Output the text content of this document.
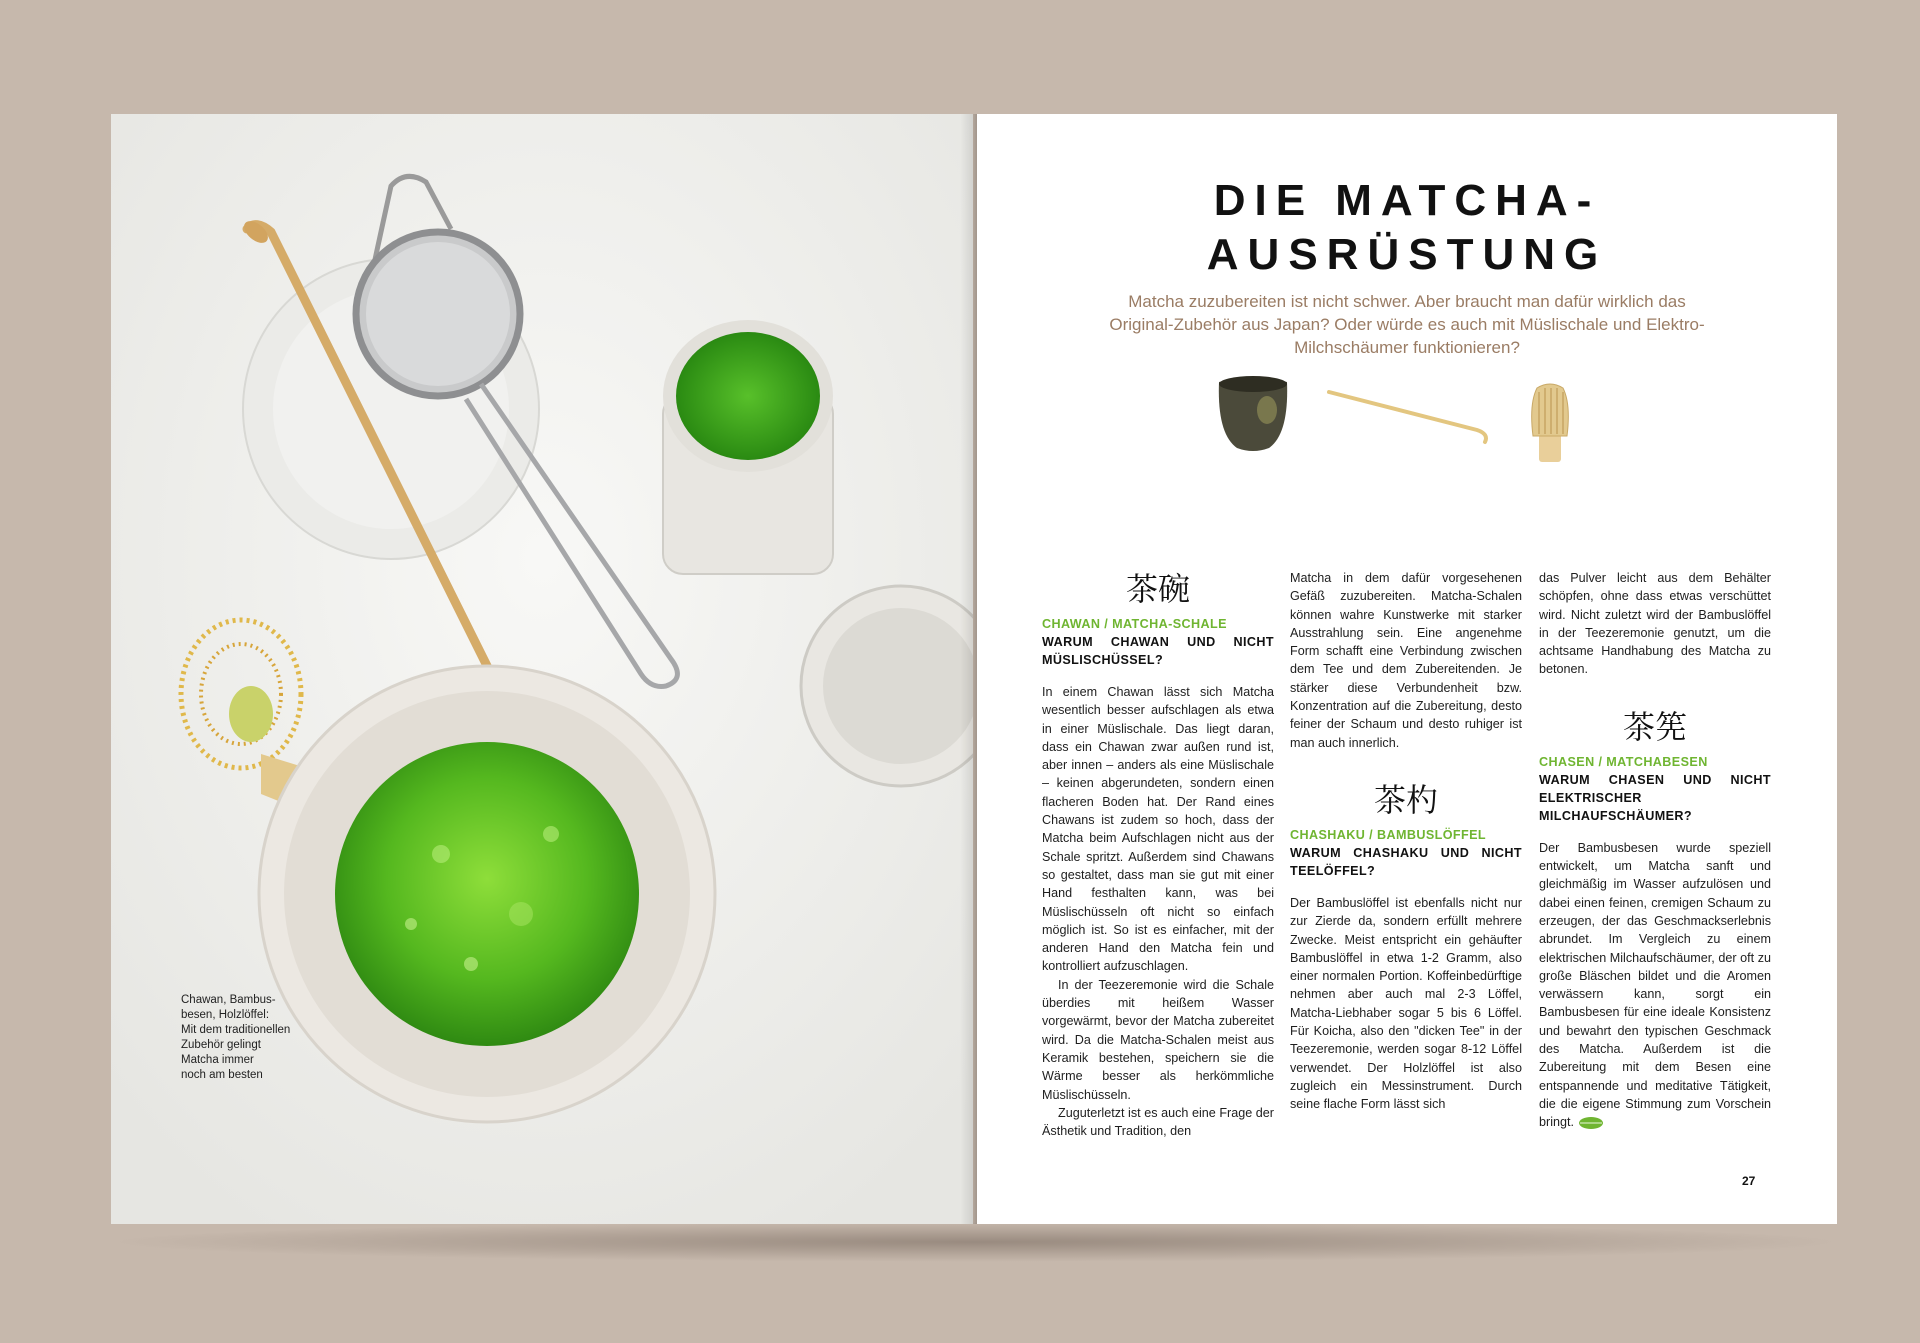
Chawan, Bambus-
besen, Holzlöffel:
Mit dem traditionellen
Zubehör gelingt
Matcha immer
noch am besten
DIE MATCHA-
AUSRÜSTUNG
Matcha zuzubereiten ist nicht schwer. Aber braucht man dafür wirklich das Original-Zubehör aus Japan? Oder würde es auch mit Müslischale und Elektro-Milchschäumer funktionieren?
茶碗
CHAWAN / MATCHA-SCHALE
WARUM CHAWAN UND NICHT MÜSLISCHÜSSEL?

In einem Chawan lässt sich Matcha wesentlich besser aufschlagen als etwa in einer Müslischale. Das liegt daran, dass ein Chawan zwar außen rund ist, aber innen – anders als eine Müslischale – keinen abgerundeten, sondern einen flacheren Boden hat. Der Rand eines Chawans ist zudem so hoch, dass der Matcha beim Aufschlagen nicht aus der Schale spritzt. Außerdem sind Chawans so gestaltet, dass man sie gut mit einer Hand festhalten kann, was bei Müslischüsseln oft nicht so einfach möglich ist. So ist es einfacher, mit der anderen Hand den Matcha fein und kontrolliert aufzuschlagen.

In der Teezeremonie wird die Schale überdies mit heißem Wasser vorgewärmt, bevor der Matcha zubereitet wird. Da die Matcha-Schalen meist aus Keramik bestehen, speichern sie die Wärme besser als herkömmliche Müslischüsseln.

Zuguterletzt ist es auch eine Frage der Ästhetik und Tradition, den

Matcha in dem dafür vorgesehenen Gefäß zuzubereiten. Matcha-Schalen können wahre Kunstwerke mit starker Ausstrahlung sein. Eine angenehme Form schafft eine Verbindung zwischen dem Tee und dem Zubereitenden. Je stärker diese Verbundenheit bzw. Konzentration auf die Zubereitung, desto feiner der Schaum und desto ruhiger ist man auch innerlich.

茶杓
CHASHAKU / BAMBUSLÖFFEL
WARUM CHASHAKU UND NICHT TEELÖFFEL?

Der Bambuslöffel ist ebenfalls nicht nur zur Zierde da, sondern erfüllt mehrere Zwecke. Meist entspricht ein gehäufter Bambuslöffel in etwa 1-2 Gramm, also einer normalen Portion. Koffeinbedürftige nehmen aber auch mal 2-3 Löffel, Matcha-Liebhaber sogar 5 bis 6 Löffel. Für Koicha, also den "dicken Tee" in der Teezeremonie, werden sogar 8-12 Löffel verwendet. Der Holzlöffel ist also zugleich ein Messinstrument. Durch seine flache Form lässt sich

das Pulver leicht aus dem Behälter schöpfen, ohne dass etwas verschüttet wird. Nicht zuletzt wird der Bambuslöffel in der Teezeremonie genutzt, um die achtsame Handhabung des Matcha zu betonen.

茶筅
CHASEN / MATCHABESEN
WARUM CHASEN UND NICHT ELEKTRISCHER MILCHAUFSCHÄUMER?

Der Bambusbesen wurde speziell entwickelt, um Matcha sanft und gleichmäßig im Wasser aufzulösen und dabei einen feinen, cremigen Schaum zu erzeugen, der das Geschmackserlebnis abrundet. Im Vergleich zu einem elektrischen Milchaufschäumer, der oft zu große Bläschen bildet und die Aromen verwässern kann, sorgt ein Bambusbesen für eine ideale Konsistenz und bewahrt den typischen Geschmack des Matcha. Außerdem ist die Zubereitung mit dem Besen eine entspannende und meditative Tätigkeit, die die eigene Stimmung zum Vorschein bringt.

27
